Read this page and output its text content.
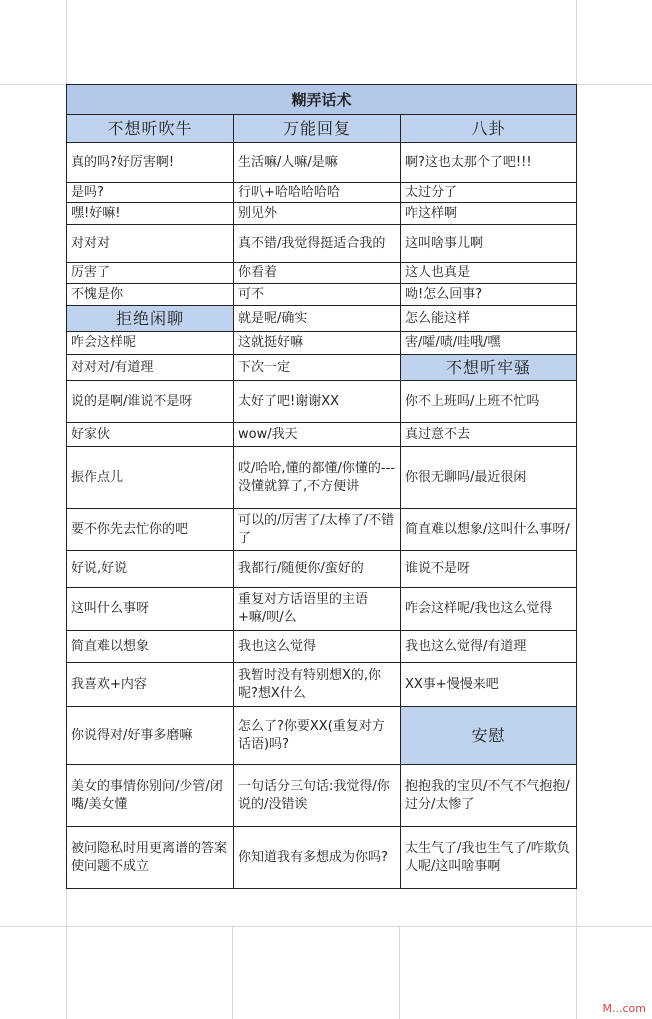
糊弄话术		
不想听吹牛	万能回复	八卦
真的吗?好厉害啊!	生活嘛/人嘛/是嘛	啊?这也太那个了吧!!!
是吗?	行叭+哈哈哈哈哈	太过分了
嘿!好嘛!	别见外	咋这样啊
对对对	真不错/我觉得挺适合我的	这叫啥事儿啊
厉害了	你看着	这人也真是
不愧是你	可不	呦!怎么回事?
拒绝闲聊	就是呢/确实	怎么能这样
咋会这样呢	这就挺好嘛	害/嚯/啧/哇哦/嘿
对对对/有道理	下次一定	不想听牢骚
说的是啊/谁说不是呀	太好了吧!谢谢XX	你不上班吗/上班不忙吗
好家伙	wow/我天	真过意不去
振作点儿	哎/哈哈,懂的都懂/你懂的---没懂就算了,不方便讲	你很无聊吗/最近很闲
要不你先去忙你的吧	可以的/厉害了/太棒了/不错了	简直难以想象/这叫什么事呀/
好说,好说	我都行/随便你/蛮好的	谁说不是呀
这叫什么事呀	重复对方话语里的主语+嘛/呗/么	咋会这样呢/我也这么觉得
简直难以想象	我也这么觉得	我也这么觉得/有道理
我喜欢+内容	我暂时没有特别想X的,你呢?想X什么	XX事+慢慢来吧
你说得对/好事多磨嘛	怎么了?你要XX(重复对方话语)吗?	安慰
美女的事情你别问/少管/闭嘴/美女懂	一句话分三句话:我觉得/你说的/没错诶	抱抱我的宝贝/不气不气抱抱/过分/太惨了
被问隐私时用更离谱的答案使问题不成立	你知道我有多想成为你吗?	太生气了/我也生气了/咋欺负人呢/这叫啥事啊
M...com
